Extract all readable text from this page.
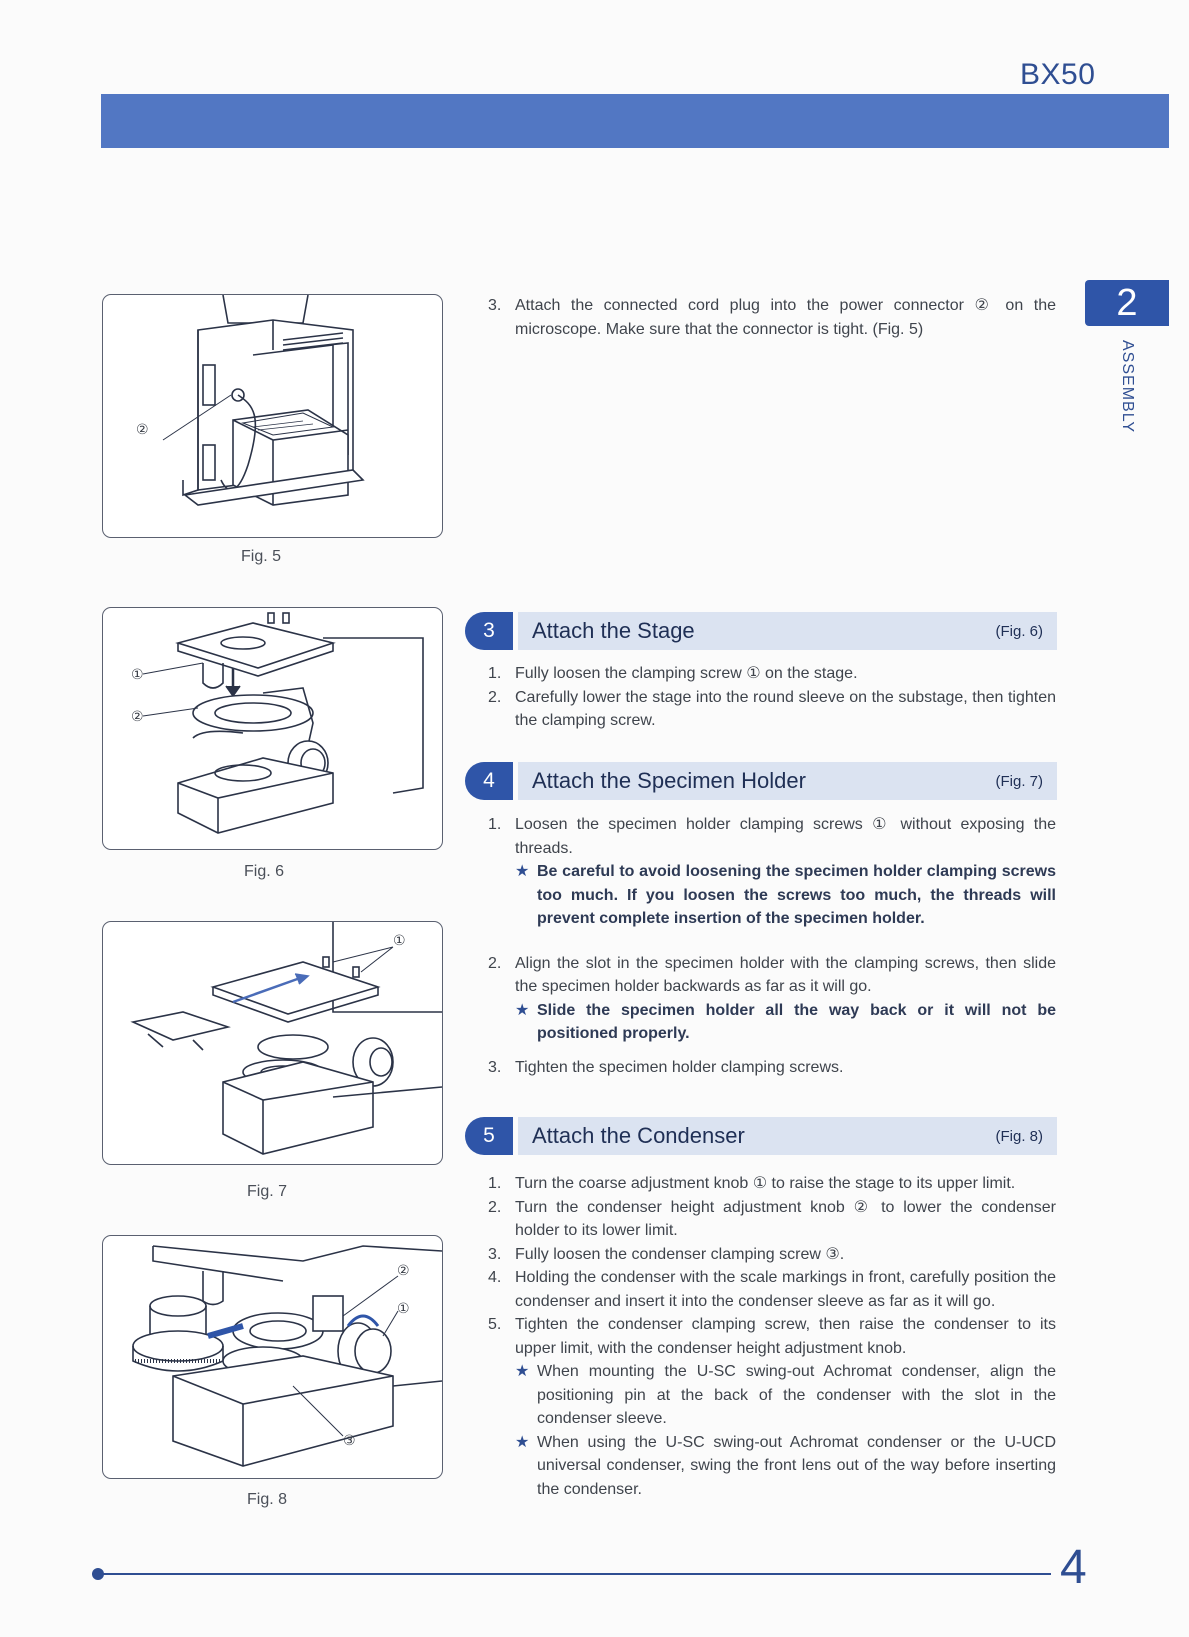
BX50
2
ASSEMBLY
②
Fig. 5
①
②
Fig. 6
①
Fig. 7
②
①
③
Fig. 8
3. Attach the connected cord plug into the power connector ② on the microscope. Make sure that the connector is tight. (Fig. 5)
3	Attach the Stage	(Fig. 6)
1. Fully loosen the clamping screw ① on the stage.
2. Carefully lower the stage into the round sleeve on the substage, then tighten the clamping screw.
4	Attach the Specimen Holder	(Fig. 7)
1. Loosen the specimen holder clamping screws ① without exposing the threads.
★ Be careful to avoid loosening the specimen holder clamping screws too much. If you loosen the screws too much, the threads will prevent complete insertion of the specimen holder.
2. Align the slot in the specimen holder with the clamping screws, then slide the specimen holder backwards as far as it will go.
★ Slide the specimen holder all the way back or it will not be positioned properly.
3. Tighten the specimen holder clamping screws.
5	Attach the Condenser	(Fig. 8)
1. Turn the coarse adjustment knob ① to raise the stage to its upper limit.
2. Turn the condenser height adjustment knob ② to lower the condenser holder to its lower limit.
3. Fully loosen the condenser clamping screw ③.
4. Holding the condenser with the scale markings in front, carefully position the condenser and insert it into the condenser sleeve as far as it will go.
5. Tighten the condenser clamping screw, then raise the condenser to its upper limit, with the condenser height adjustment knob.
★ When mounting the U-SC swing-out Achromat condenser, align the positioning pin at the back of the condenser with the slot in the condenser sleeve.
★ When using the U-SC swing-out Achromat condenser or the U-UCD universal condenser, swing the front lens out of the way before inserting the condenser.
4
